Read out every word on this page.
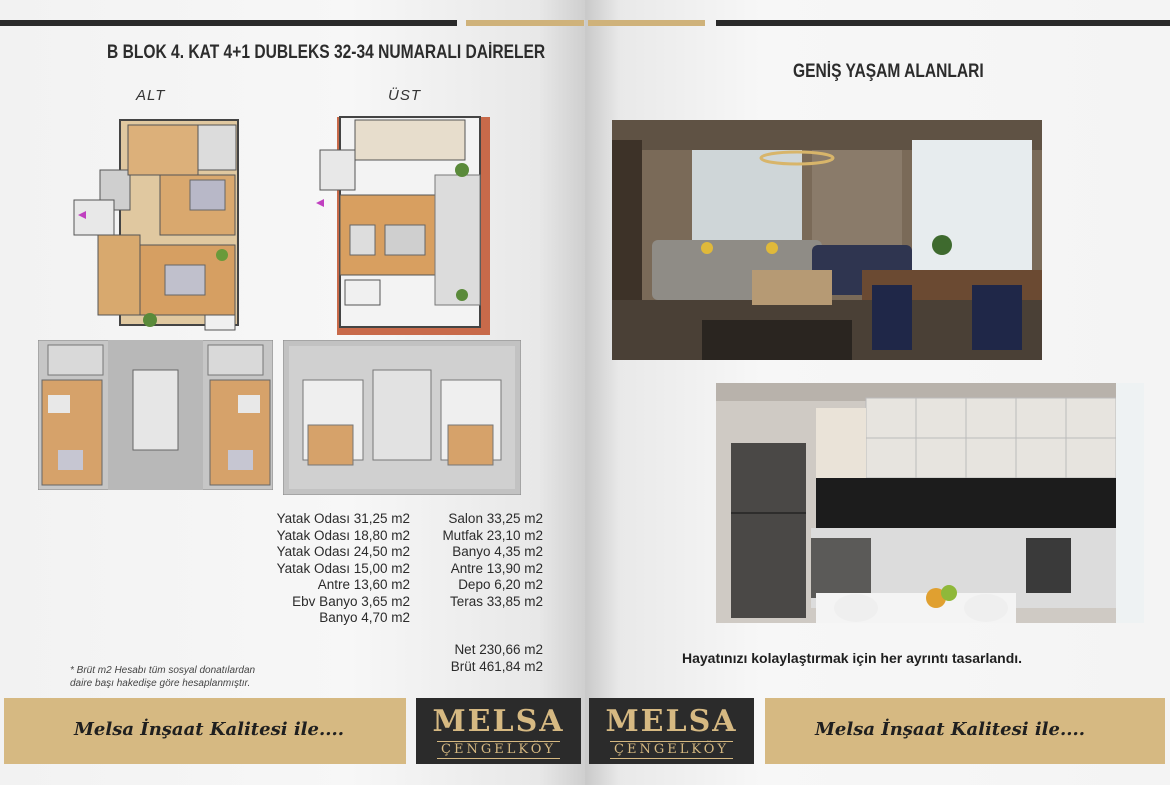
B BLOK 4. KAT 4+1 DUBLEKS 32-34 NUMARALI DAİRELER
ALT	ÜST
Yatak Odası 31,25 m2
Yatak Odası 18,80 m2
Yatak Odası 24,50 m2
Yatak Odası 15,00 m2
Antre 13,60 m2
Ebv Banyo 3,65 m2
Banyo 4,70 m2
Salon 33,25 m2
Mutfak 23,10 m2
Banyo 4,35 m2
Antre 13,90 m2
Depo 6,20 m2
Teras 33,85 m2
Net 230,66 m2
Brüt 461,84 m2
* Brüt m2 Hesabı tüm sosyal donatılardan
daire başı hakedişe göre hesaplanmıştır.
Melsa İnşaat Kalitesi ile....	MELSA
ÇENGELKÖY
GENİŞ YAŞAM ALANLARI
Hayatınızı kolaylaştırmak için her ayrıntı tasarlandı.
MELSA
ÇENGELKÖY
Melsa İnşaat Kalitesi ile....
